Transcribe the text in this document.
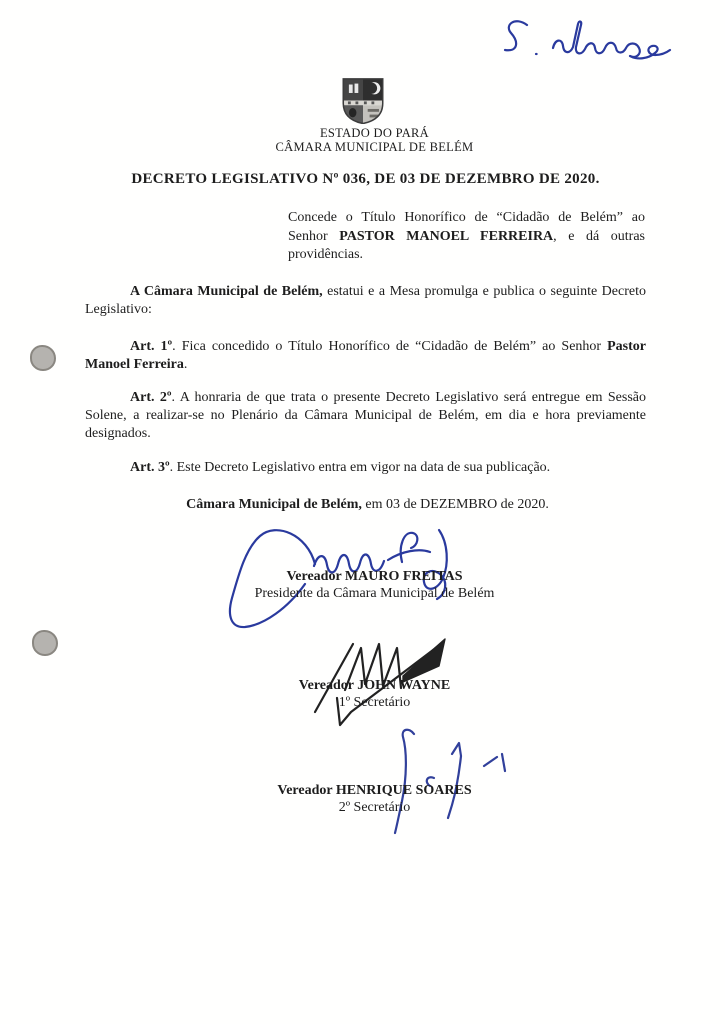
ESTADO DO PARÁ

CÂMARA MUNICIPAL DE BELÉM

DECRETO LEGISLATIVO Nº 036, DE 03 DE DEZEMBRO DE 2020.

Concede o Título Honorífico de “Cidadão de Belém” ao Senhor PASTOR MANOEL FERREIRA, e dá outras providências.

A Câmara Municipal de Belém, estatui e a Mesa promulga e publica o seguinte Decreto Legislativo:

Art. 1º. Fica concedido o Título Honorífico de “Cidadão de Belém” ao Senhor Pastor Manoel Ferreira.

Art. 2º. A honraria de que trata o presente Decreto Legislativo será entregue em Sessão Solene, a realizar-se no Plenário da Câmara Municipal de Belém, em dia e hora previamente designados.

Art. 3º. Este Decreto Legislativo entra em vigor na data de sua publicação.

Câmara Municipal de Belém, em 03 de DEZEMBRO de 2020.

Vereador MAURO FREITAS

Presidente da Câmara Municipal de Belém

Vereador JOHN WAYNE

1º Secretário

Vereador HENRIQUE SOARES

2º Secretário
